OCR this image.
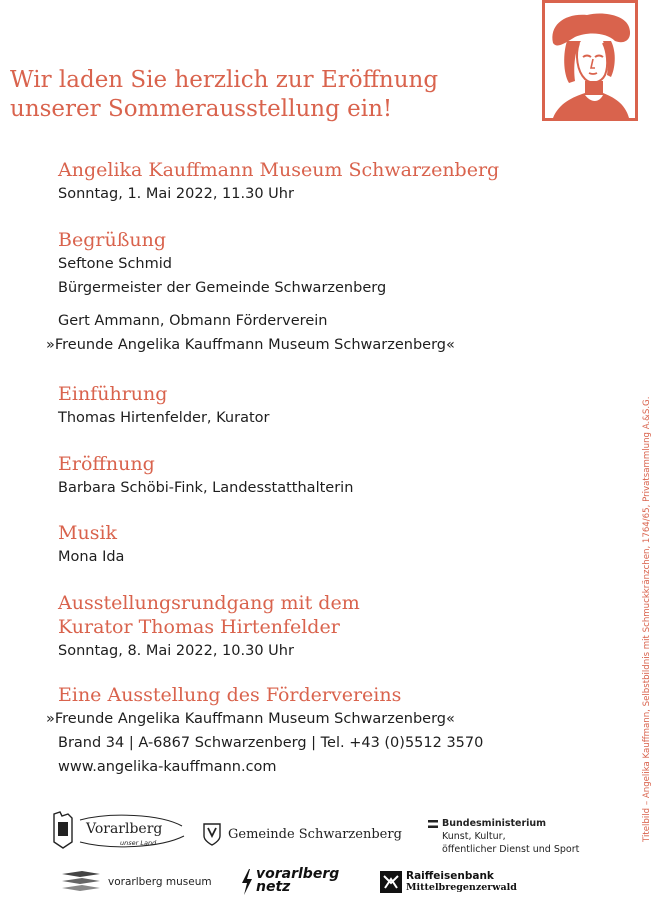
Wir laden Sie herzlich zur Eröffnung
unserer Sommerausstellung ein!
Angelika Kauffmann Museum Schwarzenberg
Sonntag, 1. Mai 2022, 11.30 Uhr
Begrüßung
Seftone Schmid
Bürgermeister der Gemeinde Schwarzenberg
Gert Ammann, Obmann Förderverein
»Freunde Angelika Kauffmann Museum Schwarzenberg«
Einführung
Thomas Hirtenfelder, Kurator
Eröffnung
Barbara Schöbi-Fink, Landesstatthalterin
Musik
Mona Ida
Ausstellungsrundgang mit dem
Kurator Thomas Hirtenfelder
Sonntag, 8. Mai 2022, 10.30 Uhr
Eine Ausstellung des Fördervereins
»Freunde Angelika Kauffmann Museum Schwarzenberg«
Brand 34 | A-6867 Schwarzenberg | Tel. +43 (0)5512 3570
www.angelika-kauffmann.com	Titelbild – Angelika Kauffmann, Selbstbildnis mit Schmuckkränzchen, 1764/65, Privatsammlung A.&S.G.
Vorarlberg
unser Land
Gemeinde Schwarzenberg
Bundesministerium
Kunst, Kultur,
öffentlicher Dienst und Sport
vorarlberg museum	vorarlberg
netz
Raiffeisenbank
Mittelbregenzerwald
